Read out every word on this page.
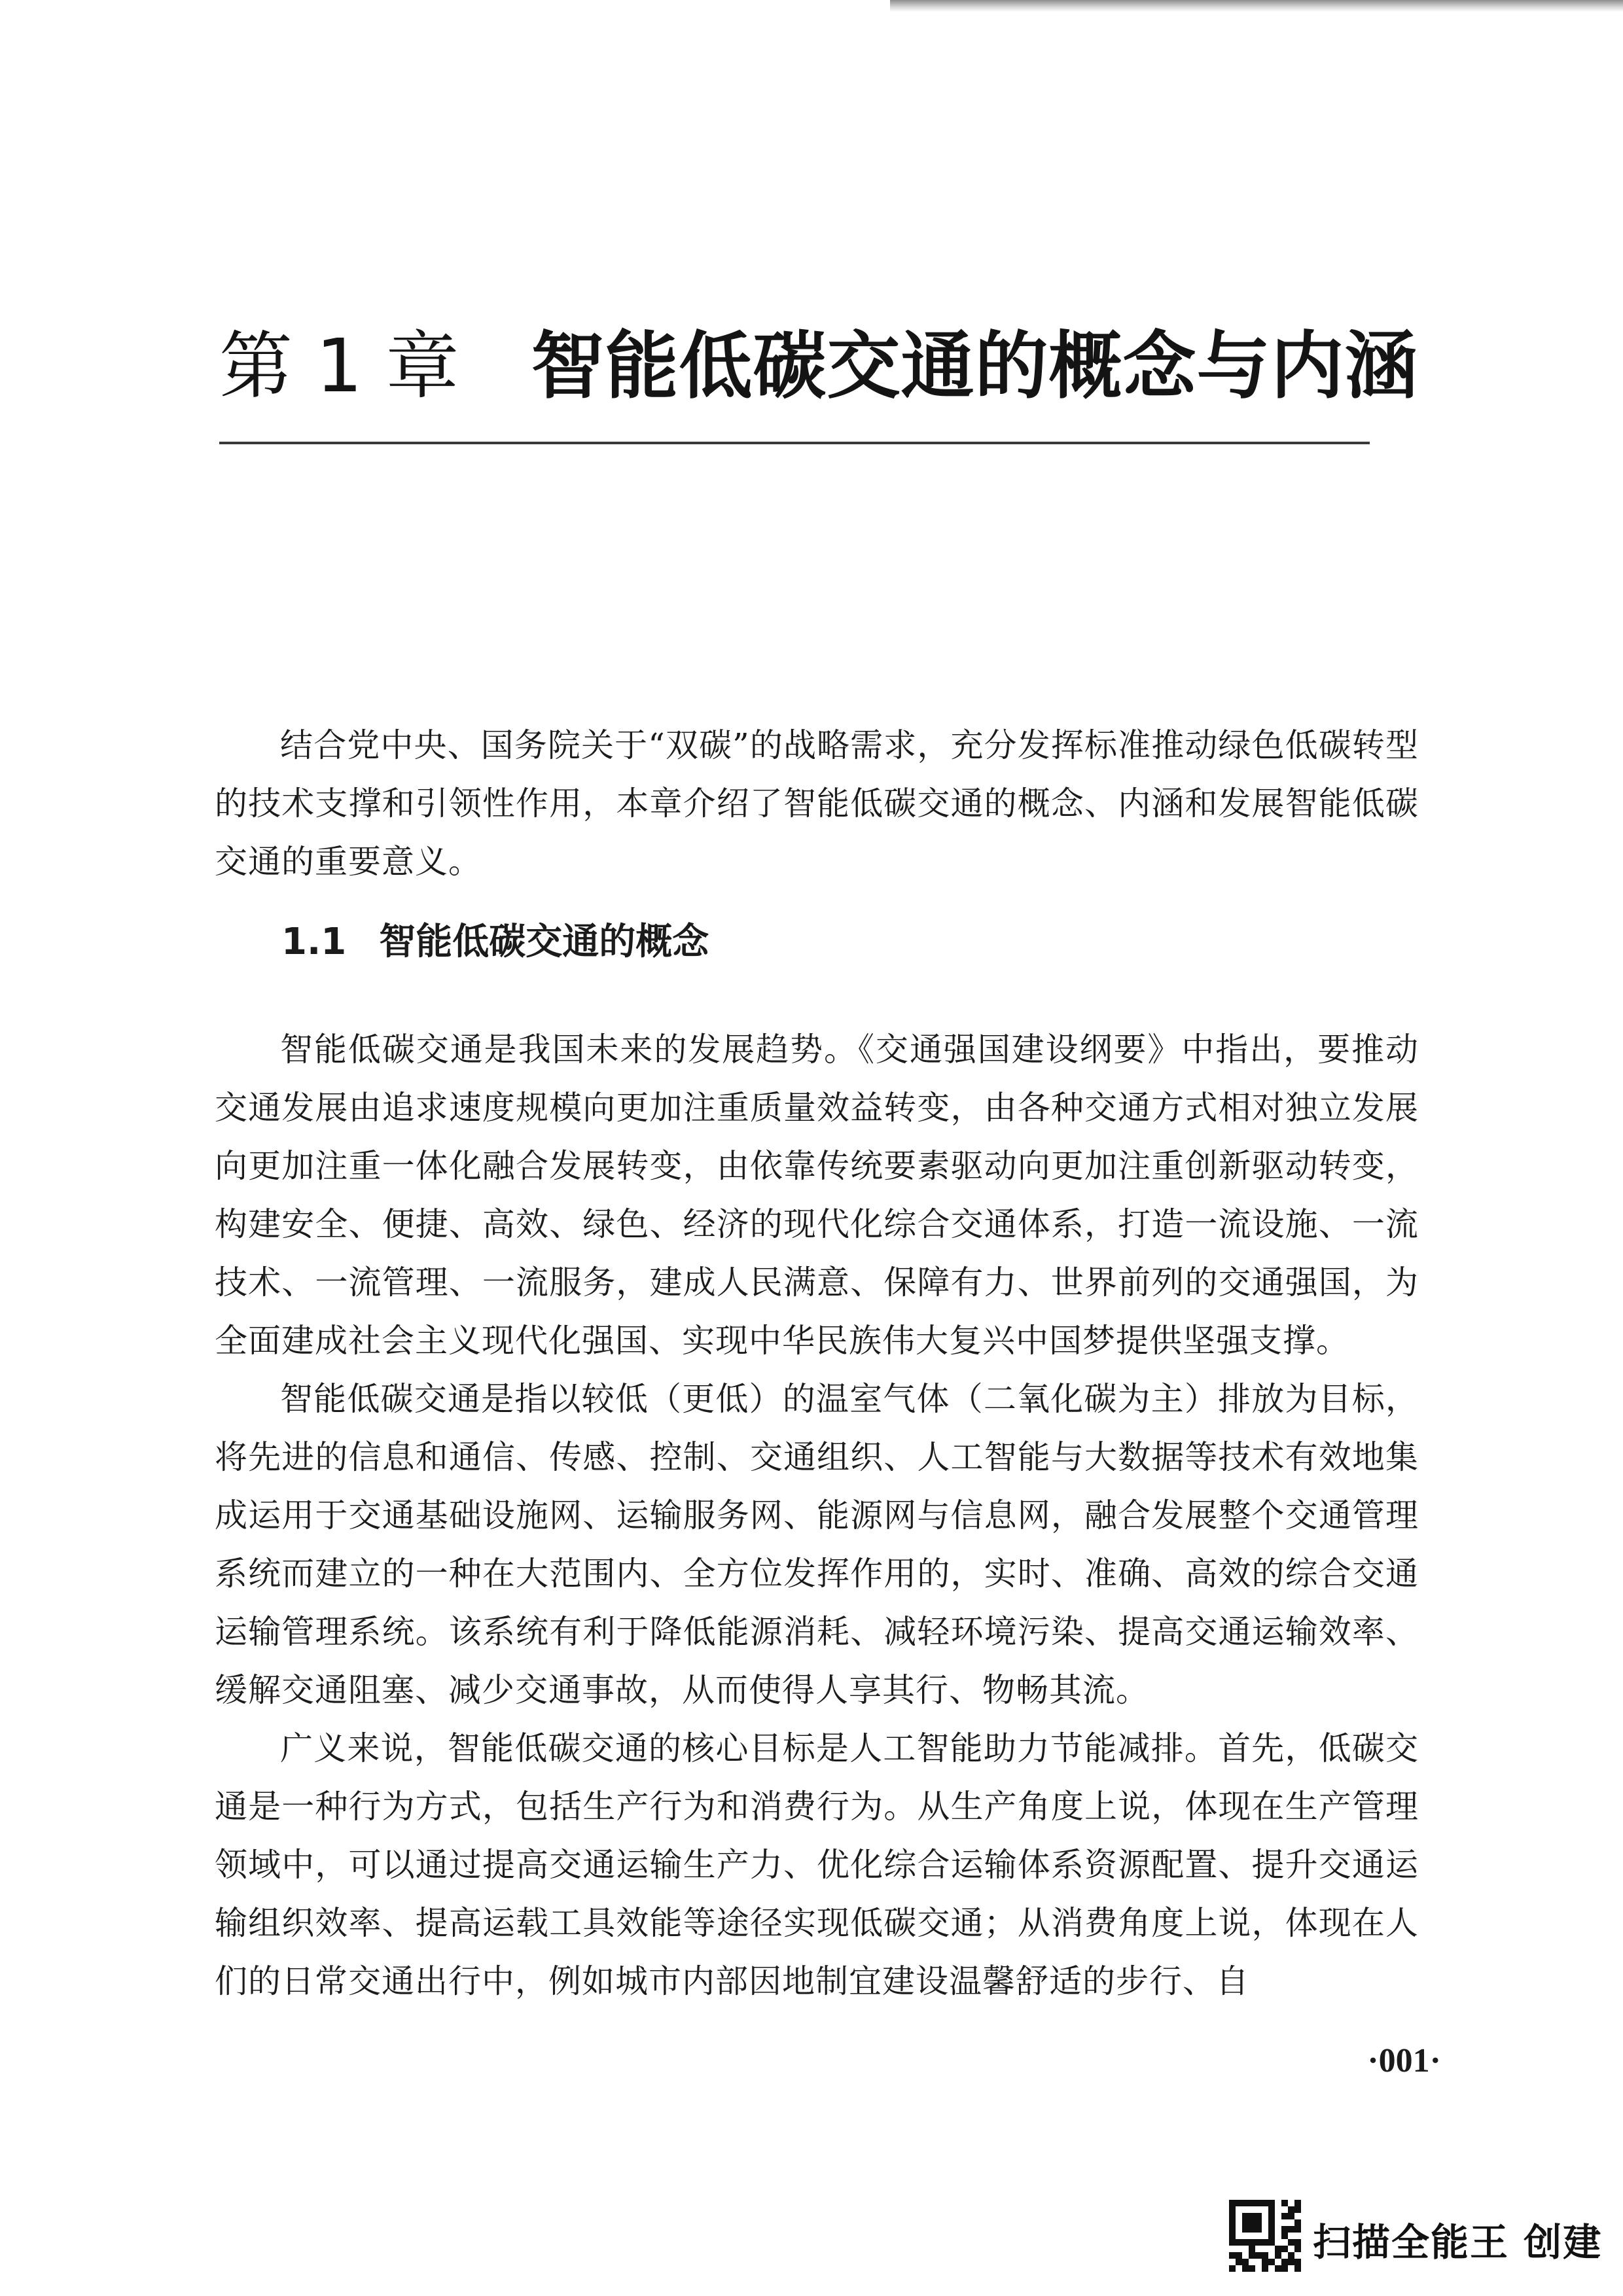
第 1 章 智能低碳交通的概念与内涵

结合党中央、国务院关于“双碳”的战略需求，充分发挥标准推动绿色低碳转型的技术支撑和引领性作用，本章介绍了智能低碳交通的概念、内涵和发展智能低碳交通的重要意义。

1.1 智能低碳交通的概念

智能低碳交通是我国未来的发展趋势。《交通强国建设纲要》中指出，要推动交通发展由追求速度规模向更加注重质量效益转变，由各种交通方式相对独立发展向更加注重一体化融合发展转变，由依靠传统要素驱动向更加注重创新驱动转变，构建安全、便捷、高效、绿色、经济的现代化综合交通体系，打造一流设施、一流技术、一流管理、一流服务，建成人民满意、保障有力、世界前列的交通强国，为全面建成社会主义现代化强国、实现中华民族伟大复兴中国梦提供坚强支撑。

智能低碳交通是指以较低（更低）的温室气体（二氧化碳为主）排放为目标，将先进的信息和通信、传感、控制、交通组织、人工智能与大数据等技术有效地集成运用于交通基础设施网、运输服务网、能源网与信息网，融合发展整个交通管理系统而建立的一种在大范围内、全方位发挥作用的，实时、准确、高效的综合交通运输管理系统。该系统有利于降低能源消耗、减轻环境污染、提高交通运输效率、缓解交通阻塞、减少交通事故，从而使得人享其行、物畅其流。

广义来说，智能低碳交通的核心目标是人工智能助力节能减排。首先，低碳交通是一种行为方式，包括生产行为和消费行为。从生产角度上说，体现在生产管理领域中，可以通过提高交通运输生产力、优化综合运输体系资源配置、提升交通运输组织效率、提高运载工具效能等途径实现低碳交通；从消费角度上说，体现在人们的日常交通出行中，例如城市内部因地制宜建设温馨舒适的步行、自

·001·
扫描全能王 创建
